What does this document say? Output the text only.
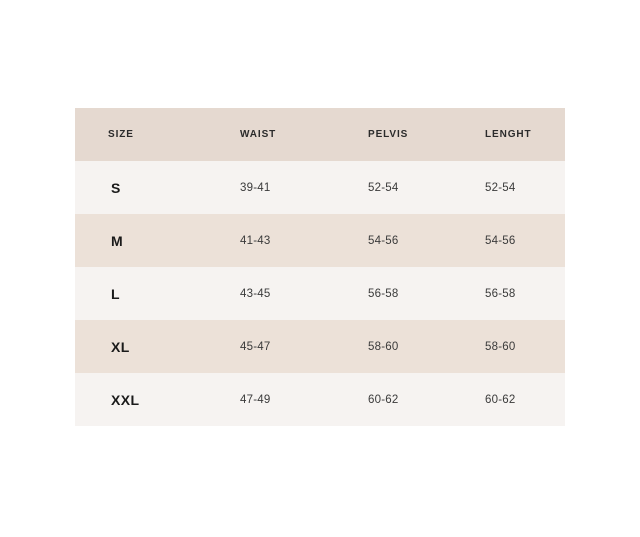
SIZE	WAIST	PELVIS	LENGHT

S	39-41	52-54	52-54

M	41-43	54-56	54-56

L	43-45	56-58	56-58

XL	45-47	58-60	58-60

XXL	47-49	60-62	60-62
